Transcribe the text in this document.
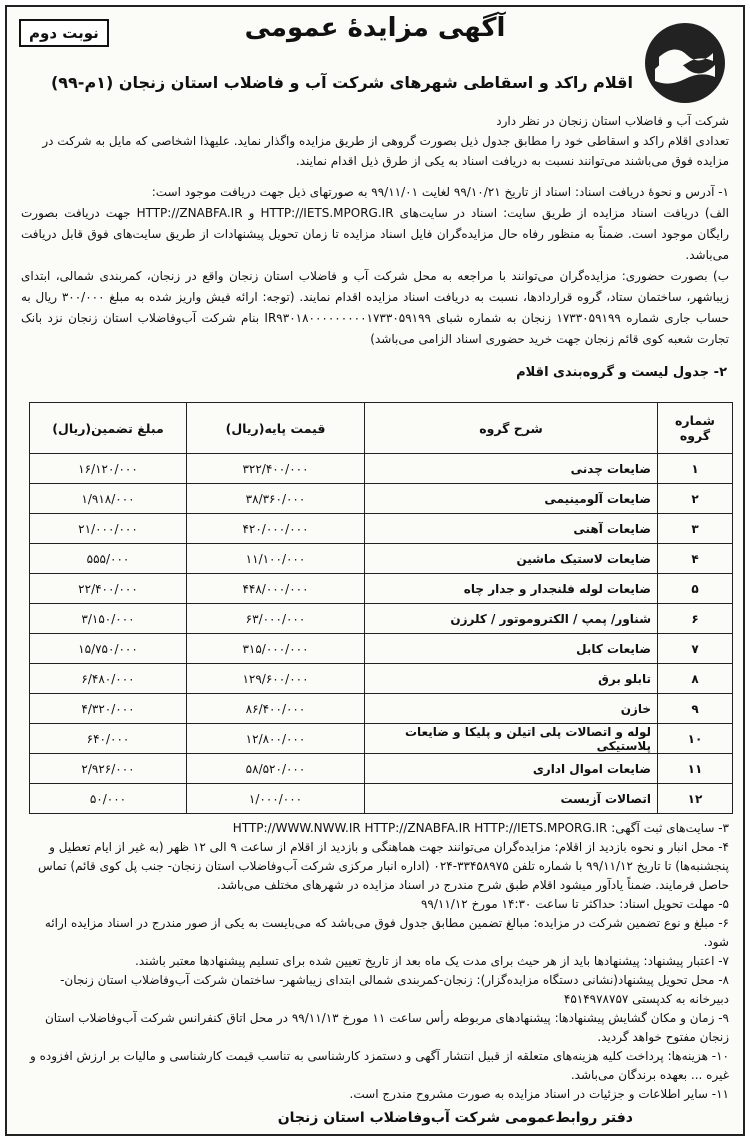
نوبت دوم	آگهی مزایدۀ عمومی
اقلام راکد و اسقاطی شهرهای شرکت آب و فاضلاب استان زنجان (۱م-۹۹)
شرکت آب و فاضلاب استان زنجان در نظر دارد
تعدادی اقلام راکد و اسقاطی خود را مطابق جدول ذیل بصورت گروهی از طریق مزایده واگذار نماید. علیهذا اشخاصی که مایل به شرکت در مزایده فوق می‌باشند می‌توانند نسبت به دریافت اسناد به یکی از طرق ذیل اقدام نمایند.
۱- آدرس و نحوۀ دریافت اسناد: اسناد از تاریخ ۹۹/۱۰/۲۱ لغایت ۹۹/۱۱/۰۱ به صورتهای ذیل جهت دریافت موجود است:
الف) دریافت اسناد مزایده از طریق سایت: اسناد در سایت‌های HTTP://IETS.MPORG.IR و HTTP://ZNABFA.IR جهت دریافت بصورت رایگان موجود است. ضمناً به منظور رفاه حال مزایده‌گران فایل اسناد مزایده تا زمان تحویل پیشنهادات از طریق سایت‌های فوق قابل دریافت می‌باشد.
ب) بصورت حضوری: مزایده‌گران می‌توانند با مراجعه به محل شرکت آب و فاضلاب استان زنجان واقع در زنجان، کمربندی شمالی، ابتدای زیباشهر، ساختمان ستاد، گروه قراردادها، نسبت به دریافت اسناد مزایده اقدام نمایند. (توجه: ارائه فیش واریز شده به مبلغ ۳۰۰/۰۰۰ ریال به حساب جاری شماره ۱۷۳۳۰۵۹۱۹۹ زنجان به شماره شبای IR۹۳۰۱۸۰۰۰۰۰۰۰۰۰۱۷۳۳۰۵۹۱۹۹ بنام شرکت آب‌وفاضلاب استان زنجان نزد بانک تجارت شعبه کوی قائم زنجان جهت خرید حضوری اسناد الزامی می‌باشد)
۲- جدول لیست و گروه‌بندی اقلام
شماره گروه	شرح گروه	قیمت پایه(ریال)	مبلغ تضمین(ریال)
۱	ضایعات چدنی	۳۲۲/۴۰۰/۰۰۰	۱۶/۱۲۰/۰۰۰
۲	ضایعات آلومینیمی	۳۸/۳۶۰/۰۰۰	۱/۹۱۸/۰۰۰
۳	ضایعات آهنی	۴۲۰/۰۰۰/۰۰۰	۲۱/۰۰۰/۰۰۰
۴	ضایعات لاستیک ماشین	۱۱/۱۰۰/۰۰۰	۵۵۵/۰۰۰
۵	ضایعات لوله فلنجدار و جدار چاه	۴۴۸/۰۰۰/۰۰۰	۲۲/۴۰۰/۰۰۰
۶	شناور/ پمپ / الکتروموتور / کلرزن	۶۳/۰۰۰/۰۰۰	۳/۱۵۰/۰۰۰
۷	ضایعات کابل	۳۱۵/۰۰۰/۰۰۰	۱۵/۷۵۰/۰۰۰
۸	تابلو برق	۱۲۹/۶۰۰/۰۰۰	۶/۴۸۰/۰۰۰
۹	خازن	۸۶/۴۰۰/۰۰۰	۴/۳۲۰/۰۰۰
۱۰	لوله و اتصالات پلی اتیلن و پلیکا و ضایعات پلاستیکی	۱۲/۸۰۰/۰۰۰	۶۴۰/۰۰۰
۱۱	ضایعات اموال اداری	۵۸/۵۲۰/۰۰۰	۲/۹۲۶/۰۰۰
۱۲	اتصالات آزبست	۱/۰۰۰/۰۰۰	۵۰/۰۰۰

۳- سایت‌های ثبت آگهی: HTTP://WWW.NWW.IR HTTP://ZNABFA.IR HTTP://IETS.MPORG.IR

۴- محل انبار و نحوه بازدید از اقلام: مزایده‌گران می‌توانند جهت هماهنگی و بازدید از اقلام از ساعت ۹ الی ۱۲ ظهر (به غیر از ایام تعطیل و پنجشنبه‌ها) تا تاریخ ۹۹/۱۱/۱۲ با شماره تلفن ۳۳۴۵۸۹۷۵-۰۲۴ (اداره انبار مرکزی شرکت آب‌وفاضلاب استان زنجان- جنب پل کوی قائم) تماس حاصل فرمایند. ضمناً یادآور میشود اقلام طبق شرح مندرج در اسناد مزایده در شهرهای مختلف می‌باشد.

۵- مهلت تحویل اسناد: حداکثر تا ساعت ۱۴:۳۰ مورخ ۹۹/۱۱/۱۲

۶- مبلغ و نوع تضمین شرکت در مزایده: مبالغ تضمین مطابق جدول فوق می‌باشد که می‌بایست به یکی از صور مندرج در اسناد مزایده ارائه شود.

۷- اعتبار پیشنهاد: پیشنهادها باید از هر حیث برای مدت یک ماه بعد از تاریخ تعیین شده برای تسلیم پیشنهادها معتبر باشند.

۸- محل تحویل پیشنهاد(نشانی دستگاه مزایده‌گزار): زنجان-کمربندی شمالی ابتدای زیباشهر- ساختمان شرکت آب‌وفاضلاب استان زنجان- دبیرخانه به کدپستی ۴۵۱۴۹۷۸۷۵۷

۹- زمان و مکان گشایش پیشنهادها: پیشنهادهای مربوطه رأس ساعت ۱۱ مورخ ۹۹/۱۱/۱۳ در محل اتاق کنفرانس شرکت آب‌وفاضلاب استان زنجان مفتوح خواهد گردید.

۱۰- هزینه‌ها: پرداخت کلیه هزینه‌های متعلقه از قبیل انتشار آگهی و دستمزد کارشناسی به تناسب قیمت کارشناسی و مالیات بر ارزش افزوده و غیره ... بعهده برندگان می‌باشد.

۱۱- سایر اطلاعات و جزئیات در اسناد مزایده به صورت مشروح مندرج است.

دفتر روابط‌عمومی شرکت آب‌وفاضلاب استان زنجان
